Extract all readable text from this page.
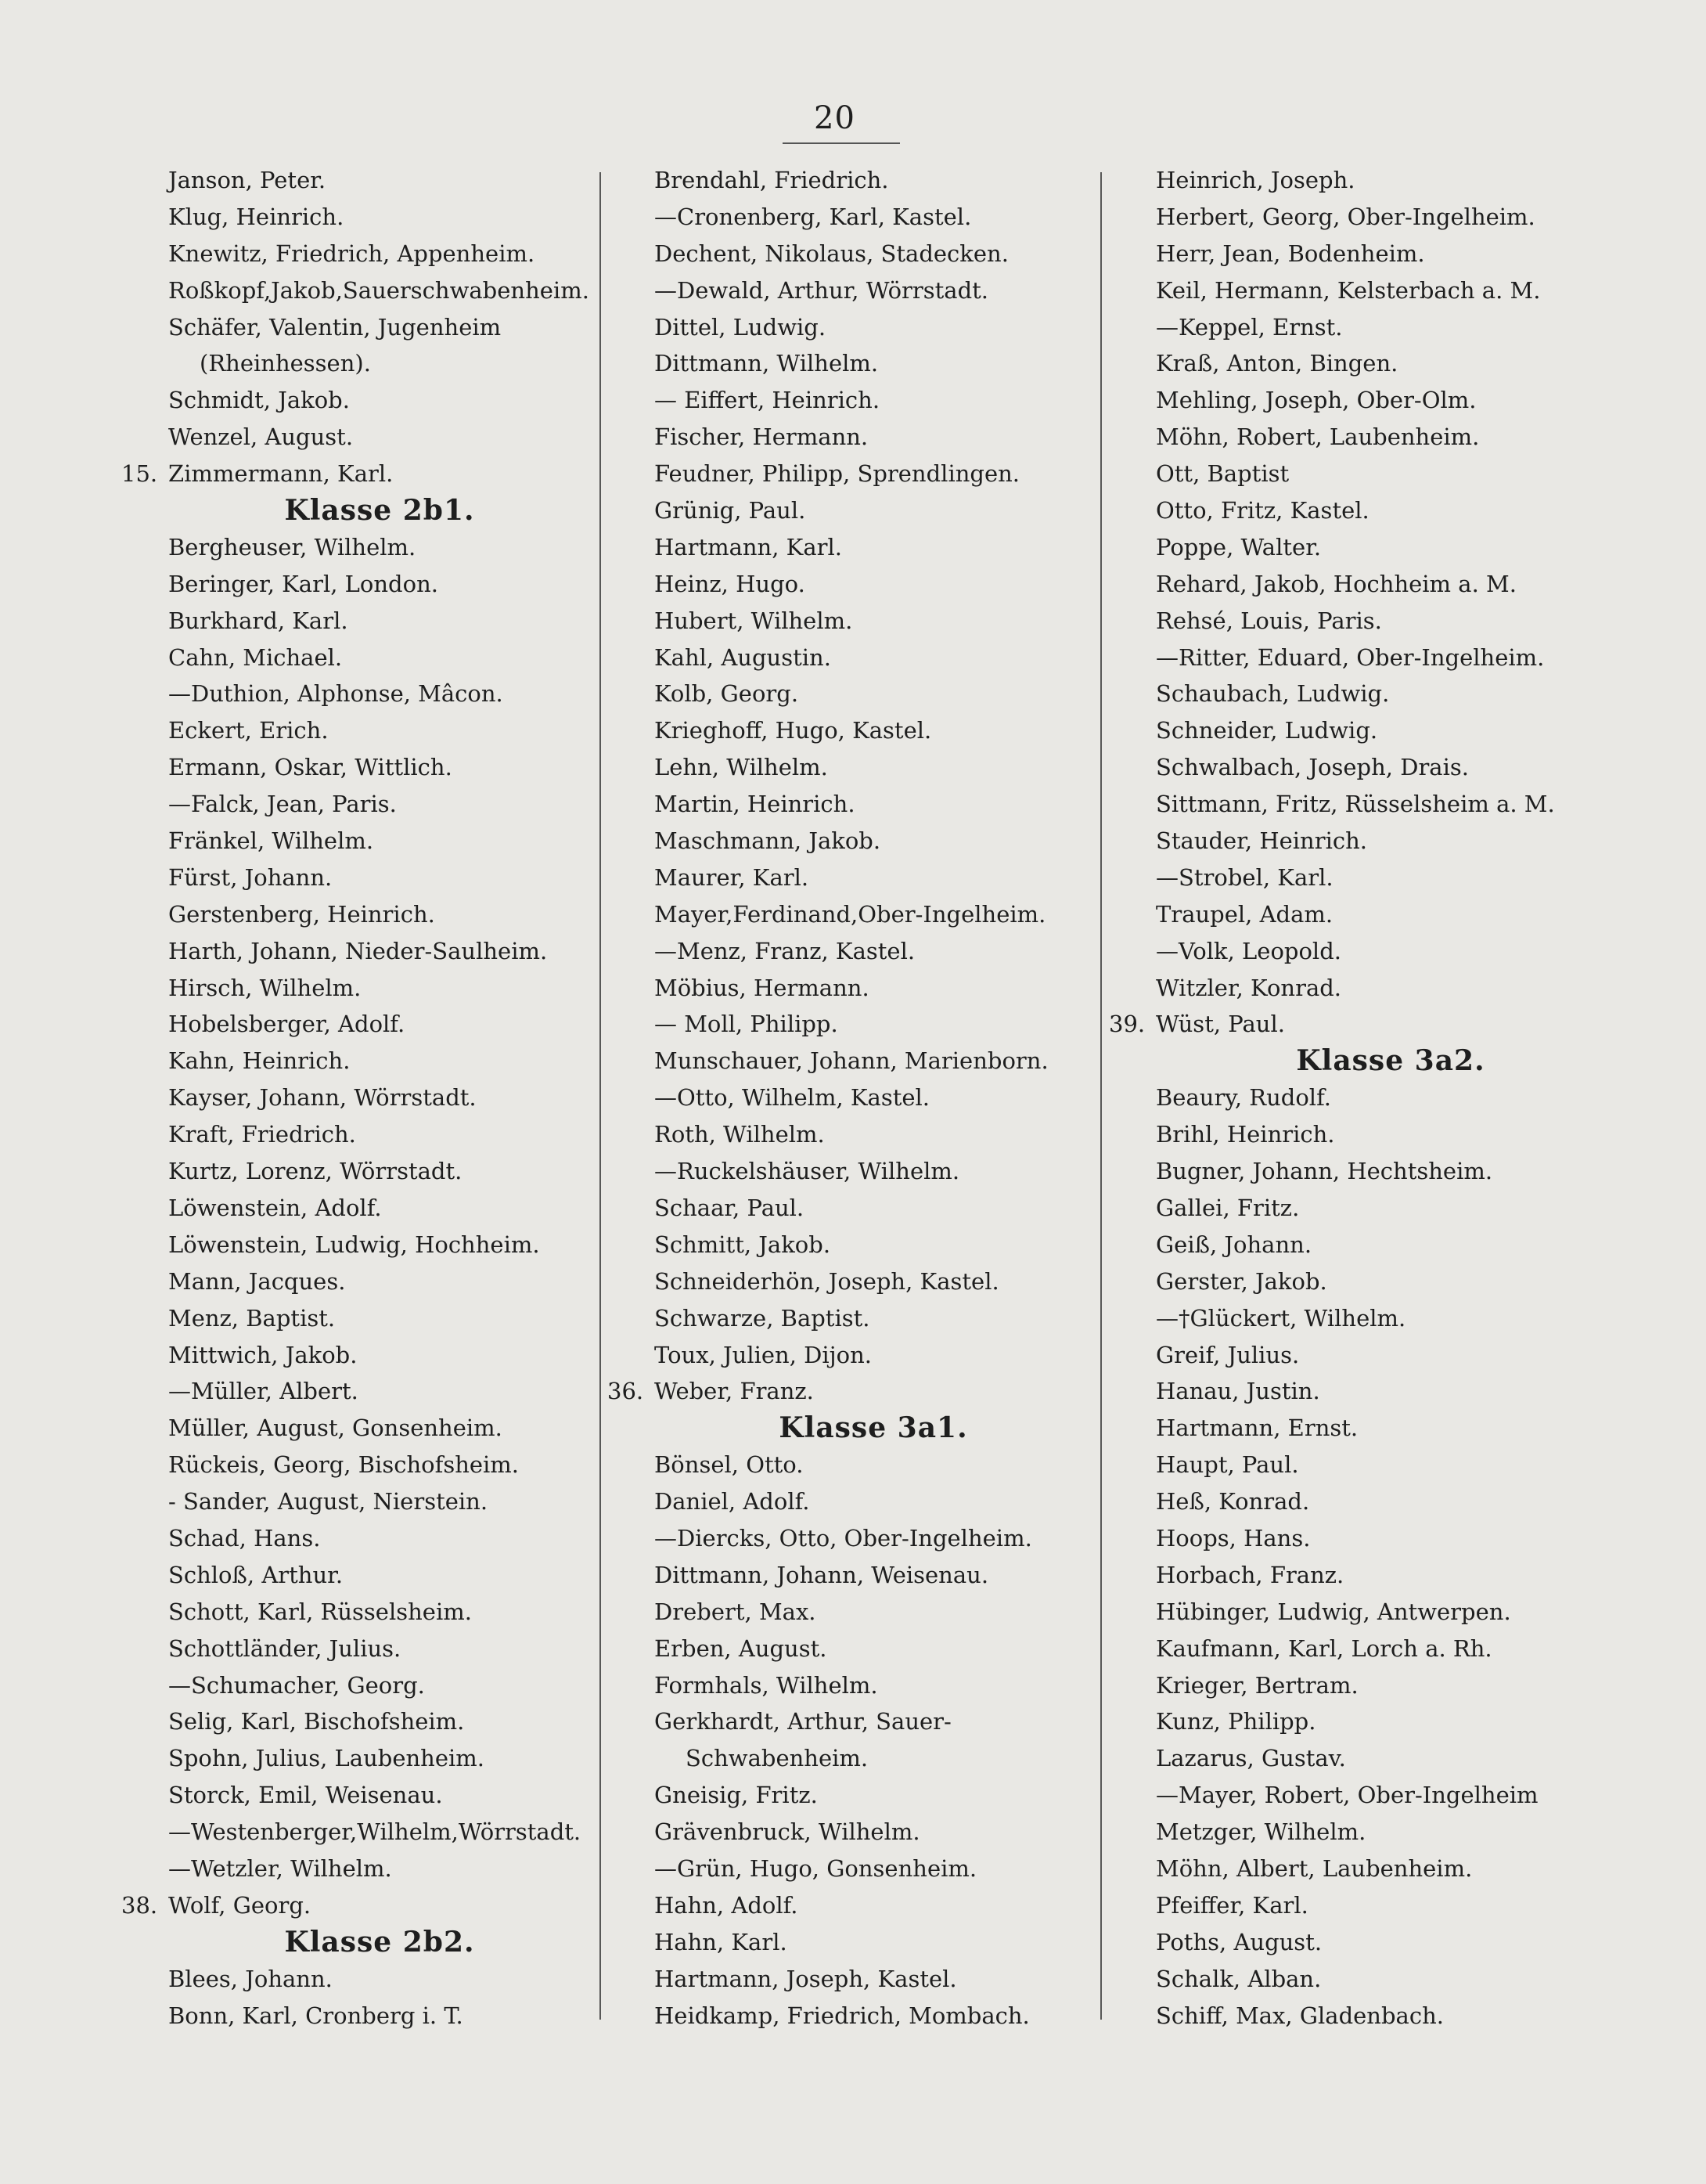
20
Janson, Peter.
Klug, Heinrich.
Knewitz, Friedrich, Appenheim.
Roßkopf,Jakob,Sauerschwabenheim.
Schäfer, Valentin, Jugenheim
(Rheinhessen).
Schmidt, Jakob.
Wenzel, August.
15. Zimmermann, Karl.
Klasse 2b1.
Bergheuser, Wilhelm.
Beringer, Karl, London.
Burkhard, Karl.
Cahn, Michael.
—Duthion, Alphonse, Mâcon.
Eckert, Erich.
Ermann, Oskar, Wittlich.
—Falck, Jean, Paris.
Fränkel, Wilhelm.
Fürst, Johann.
Gerstenberg, Heinrich.
Harth, Johann, Nieder-Saulheim.
Hirsch, Wilhelm.
Hobelsberger, Adolf.
Kahn, Heinrich.
Kayser, Johann, Wörrstadt.
Kraft, Friedrich.
Kurtz, Lorenz, Wörrstadt.
Löwenstein, Adolf.
Löwenstein, Ludwig, Hochheim.
Mann, Jacques.
Menz, Baptist.
Mittwich, Jakob.
—Müller, Albert.
Müller, August, Gonsenheim.
Rückeis, Georg, Bischofsheim.
- Sander, August, Nierstein.
Schad, Hans.
Schloß, Arthur.
Schott, Karl, Rüsselsheim.
Schottländer, Julius.
—Schumacher, Georg.
Selig, Karl, Bischofsheim.
Spohn, Julius, Laubenheim.
Storck, Emil, Weisenau.
—Westenberger,Wilhelm,Wörrstadt.
—Wetzler, Wilhelm.
38. Wolf, Georg.
Klasse 2b2.
Blees, Johann.
Bonn, Karl, Cronberg i. T.
Brendahl, Friedrich.
—Cronenberg, Karl, Kastel.
Dechent, Nikolaus, Stadecken.
—Dewald, Arthur, Wörrstadt.
Dittel, Ludwig.
Dittmann, Wilhelm.
— Eiffert, Heinrich.
Fischer, Hermann.
Feudner, Philipp, Sprendlingen.
Grünig, Paul.
Hartmann, Karl.
Heinz, Hugo.
Hubert, Wilhelm.
Kahl, Augustin.
Kolb, Georg.
Krieghoff, Hugo, Kastel.
Lehn, Wilhelm.
Martin, Heinrich.
Maschmann, Jakob.
Maurer, Karl.
Mayer,Ferdinand,Ober-Ingelheim.
—Menz, Franz, Kastel.
Möbius, Hermann.
— Moll, Philipp.
Munschauer, Johann, Marienborn.
—Otto, Wilhelm, Kastel.
Roth, Wilhelm.
—Ruckelshäuser, Wilhelm.
Schaar, Paul.
Schmitt, Jakob.
Schneiderhön, Joseph, Kastel.
Schwarze, Baptist.
Toux, Julien, Dijon.
36. Weber, Franz.
Klasse 3a1.
Bönsel, Otto.
Daniel, Adolf.
—Diercks, Otto, Ober-Ingelheim.
Dittmann, Johann, Weisenau.
Drebert, Max.
Erben, August.
Formhals, Wilhelm.
Gerkhardt, Arthur, Sauer-
Schwabenheim.
Gneisig, Fritz.
Grävenbruck, Wilhelm.
—Grün, Hugo, Gonsenheim.
Hahn, Adolf.
Hahn, Karl.
Hartmann, Joseph, Kastel.
Heidkamp, Friedrich, Mombach.
Heinrich, Joseph.
Herbert, Georg, Ober-Ingelheim.
Herr, Jean, Bodenheim.
Keil, Hermann, Kelsterbach a. M.
—Keppel, Ernst.
Kraß, Anton, Bingen.
Mehling, Joseph, Ober-Olm.
Möhn, Robert, Laubenheim.
Ott, Baptist
Otto, Fritz, Kastel.
Poppe, Walter.
Rehard, Jakob, Hochheim a. M.
Rehsé, Louis, Paris.
—Ritter, Eduard, Ober-Ingelheim.
Schaubach, Ludwig.
Schneider, Ludwig.
Schwalbach, Joseph, Drais.
Sittmann, Fritz, Rüsselsheim a. M.
Stauder, Heinrich.
—Strobel, Karl.
Traupel, Adam.
—Volk, Leopold.
Witzler, Konrad.
39. Wüst, Paul.
Klasse 3a2.
Beaury, Rudolf.
Brihl, Heinrich.
Bugner, Johann, Hechtsheim.
Gallei, Fritz.
Geiß, Johann.
Gerster, Jakob.
—†Glückert, Wilhelm.
Greif, Julius.
Hanau, Justin.
Hartmann, Ernst.
Haupt, Paul.
Heß, Konrad.
Hoops, Hans.
Horbach, Franz.
Hübinger, Ludwig, Antwerpen.
Kaufmann, Karl, Lorch a. Rh.
Krieger, Bertram.
Kunz, Philipp.
Lazarus, Gustav.
—Mayer, Robert, Ober-Ingelheim
Metzger, Wilhelm.
Möhn, Albert, Laubenheim.
Pfeiffer, Karl.
Poths, August.
Schalk, Alban.
Schiff, Max, Gladenbach.
